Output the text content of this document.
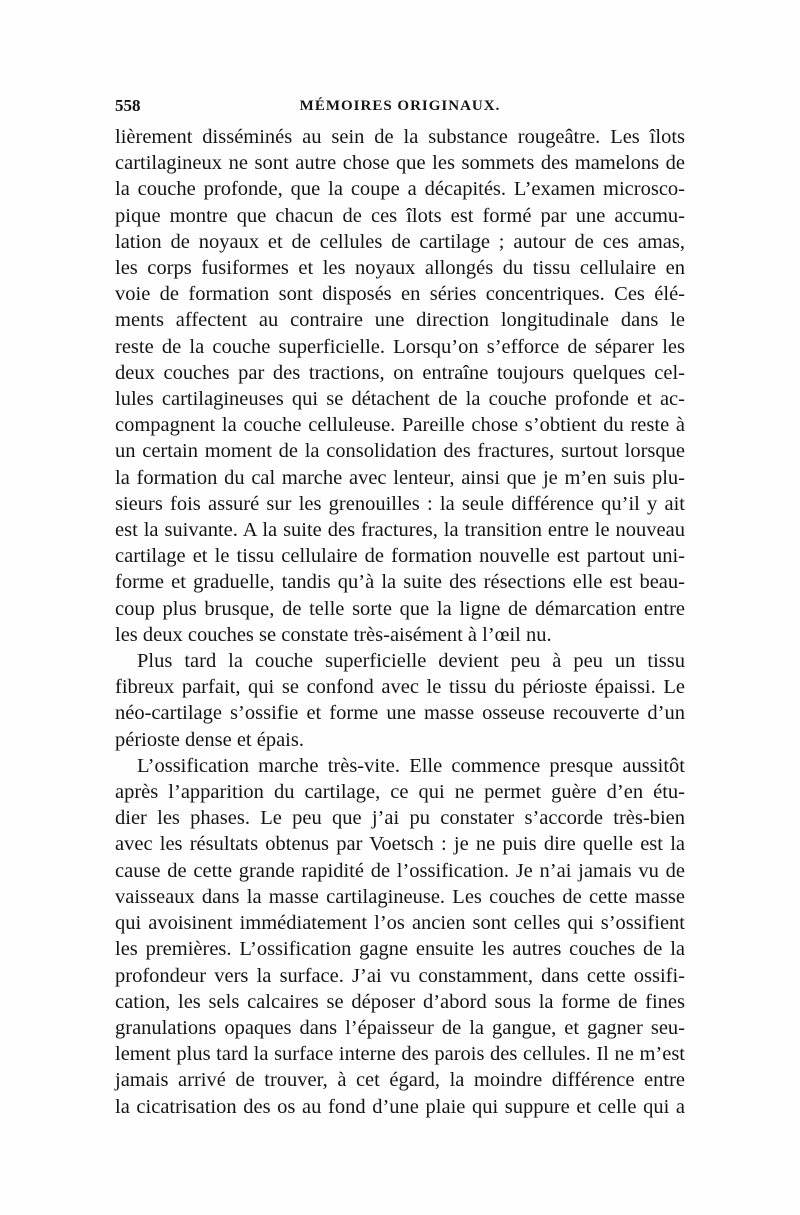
558	MÉMOIRES ORIGINAUX.

lièrement disséminés au sein de la substance rougeâtre. Les îlots

cartilagineux ne sont autre chose que les sommets des mamelons de

la couche profonde, que la coupe a décapités. L’examen microsco-

pique montre que chacun de ces îlots est formé par une accumu-

lation de noyaux et de cellules de cartilage ; autour de ces amas,

les corps fusiformes et les noyaux allongés du tissu cellulaire en

voie de formation sont disposés en séries concentriques. Ces élé-

ments affectent au contraire une direction longitudinale dans le

reste de la couche superficielle. Lorsqu’on s’efforce de séparer les

deux couches par des tractions, on entraîne toujours quelques cel-

lules cartilagineuses qui se détachent de la couche profonde et ac-

compagnent la couche celluleuse. Pareille chose s’obtient du reste à

un certain moment de la consolidation des fractures, surtout lorsque

la formation du cal marche avec lenteur, ainsi que je m’en suis plu-

sieurs fois assuré sur les grenouilles : la seule différence qu’il y ait

est la suivante. A la suite des fractures, la transition entre le nouveau

cartilage et le tissu cellulaire de formation nouvelle est partout uni-

forme et graduelle, tandis qu’à la suite des résections elle est beau-

coup plus brusque, de telle sorte que la ligne de démarcation entre

les deux couches se constate très-aisément à l’œil nu.

Plus tard la couche superficielle devient peu à peu un tissu

fibreux parfait, qui se confond avec le tissu du périoste épaissi. Le

néo-cartilage s’ossifie et forme une masse osseuse recouverte d’un

périoste dense et épais.

L’ossification marche très-vite. Elle commence presque aussitôt

après l’apparition du cartilage, ce qui ne permet guère d’en étu-

dier les phases. Le peu que j’ai pu constater s’accorde très-bien

avec les résultats obtenus par Voetsch : je ne puis dire quelle est la

cause de cette grande rapidité de l’ossification. Je n’ai jamais vu de

vaisseaux dans la masse cartilagineuse. Les couches de cette masse

qui avoisinent immédiatement l’os ancien sont celles qui s’ossifient

les premières. L’ossification gagne ensuite les autres couches de la

profondeur vers la surface. J’ai vu constamment, dans cette ossifi-

cation, les sels calcaires se déposer d’abord sous la forme de fines

granulations opaques dans l’épaisseur de la gangue, et gagner seu-

lement plus tard la surface interne des parois des cellules. Il ne m’est

jamais arrivé de trouver, à cet égard, la moindre différence entre

la cicatrisation des os au fond d’une plaie qui suppure et celle qui a
